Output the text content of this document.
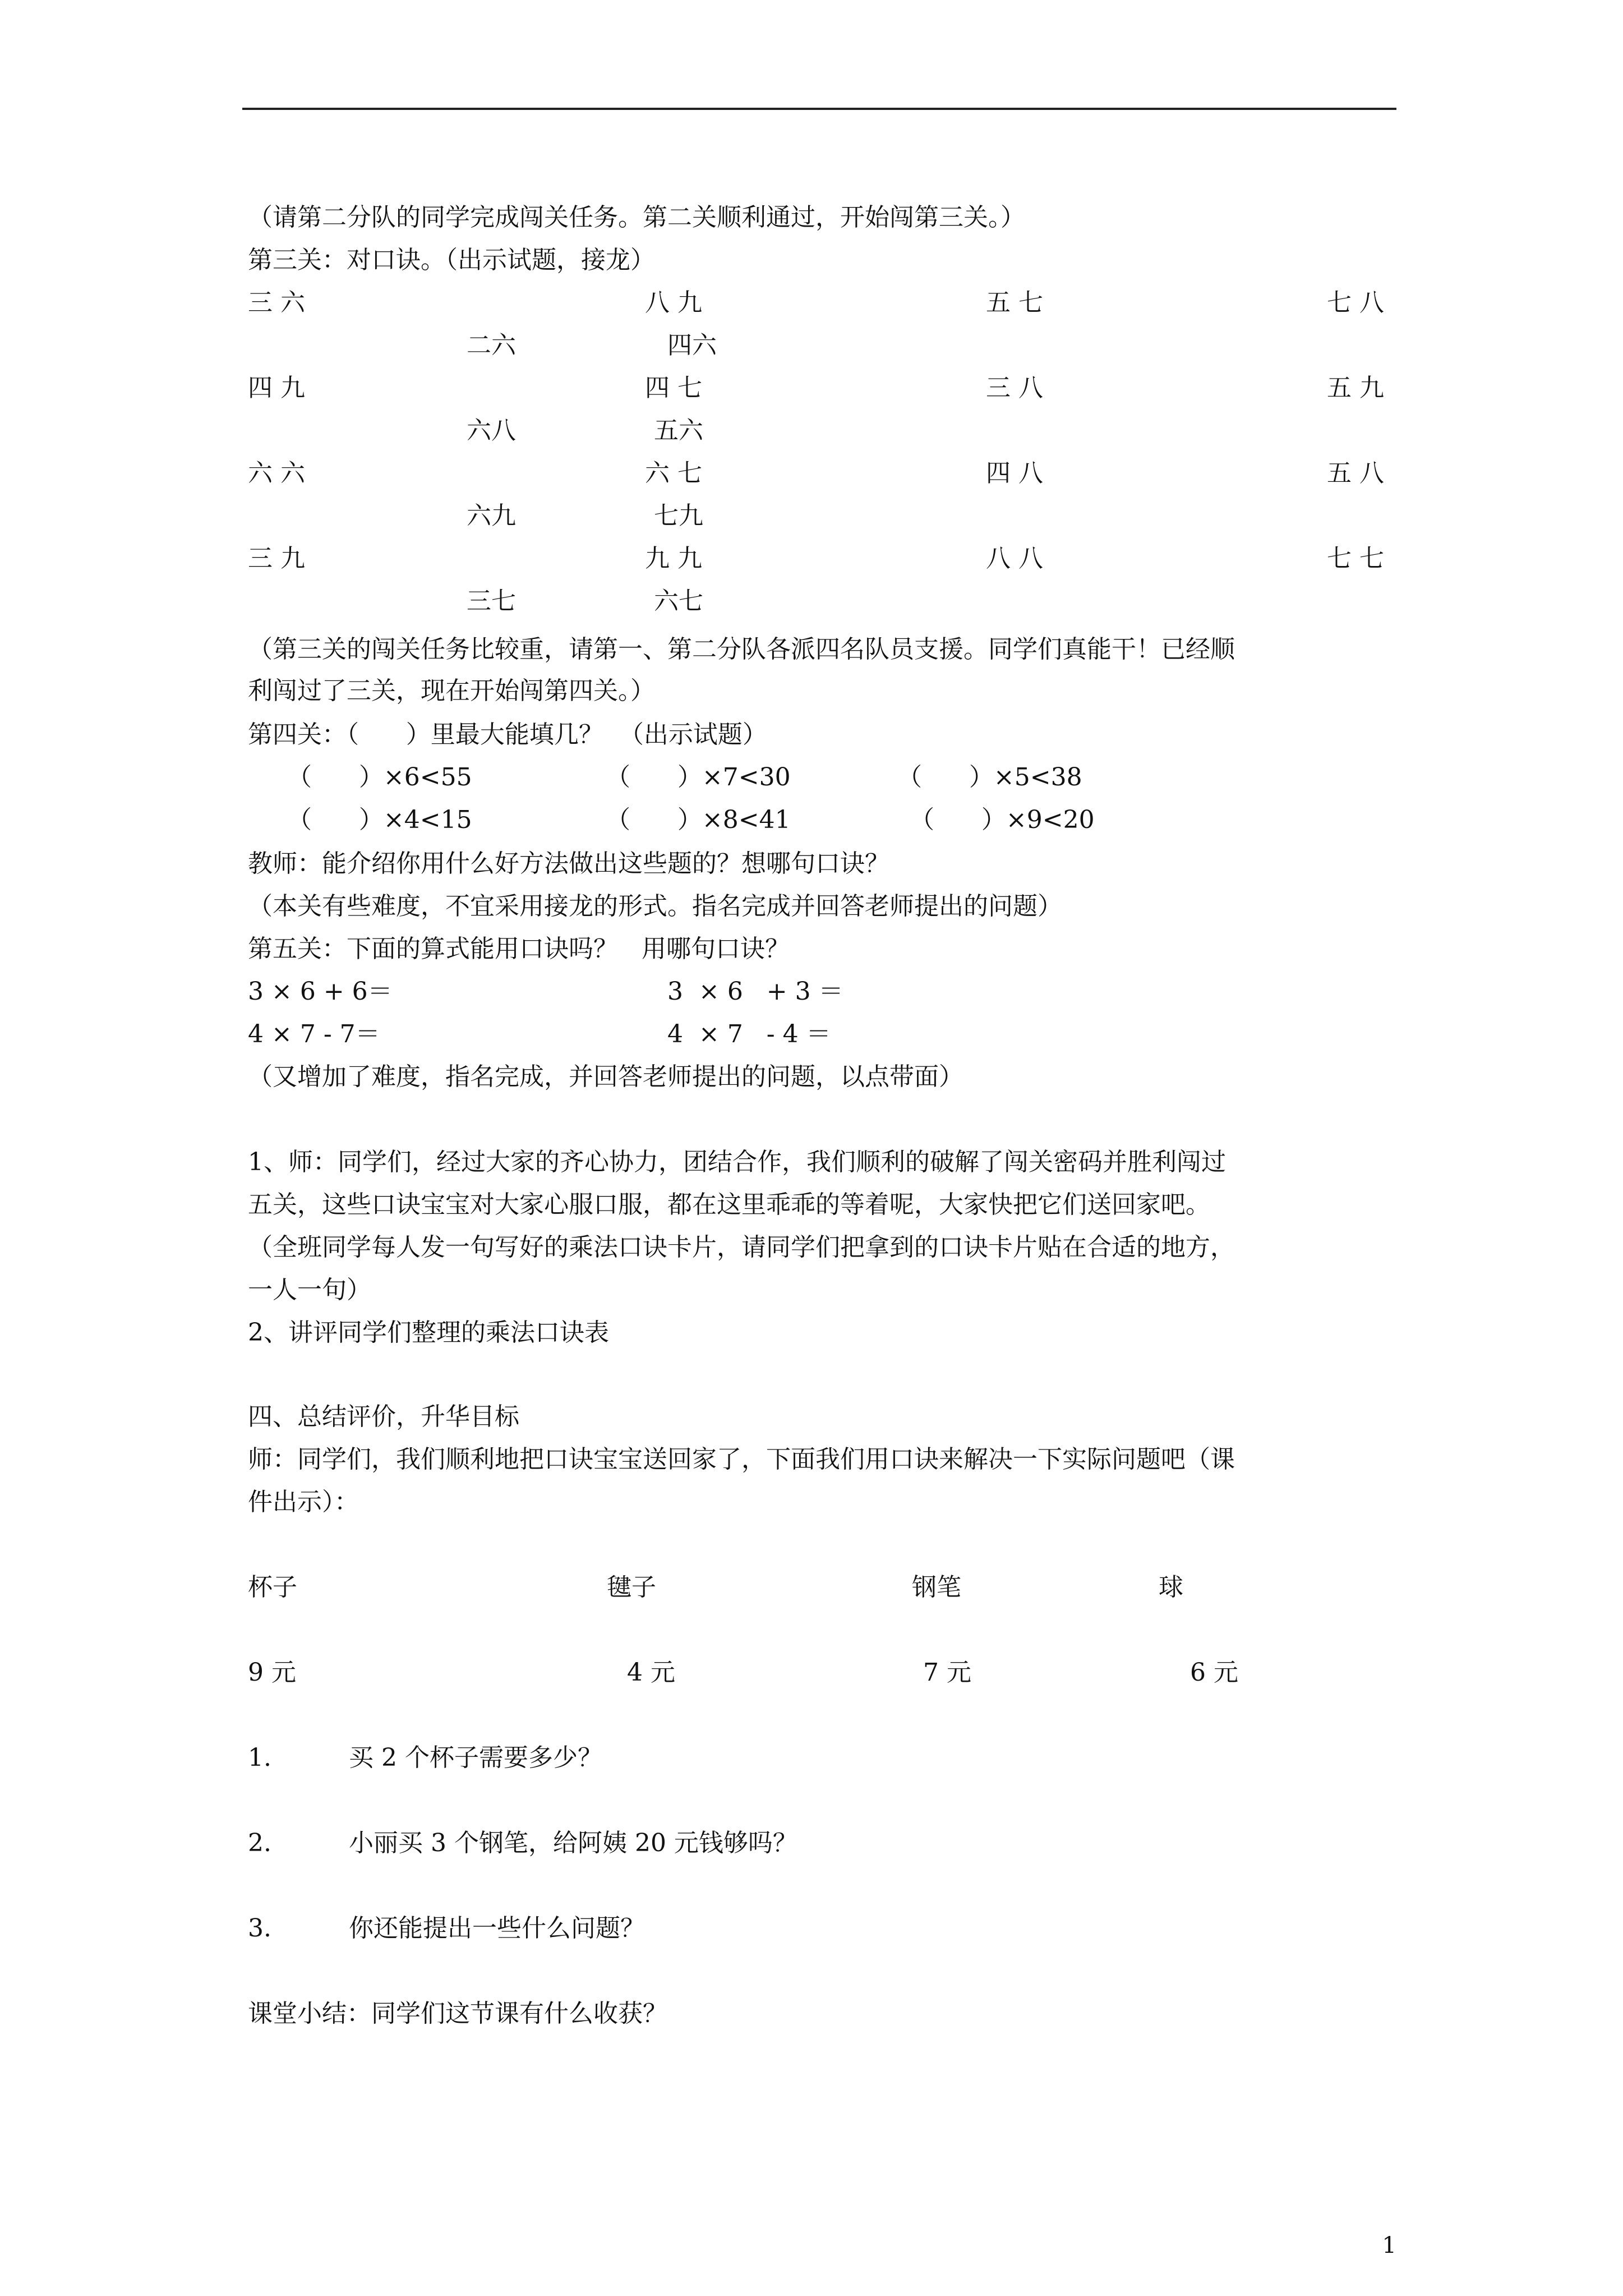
（请第二分队的同学完成闯关任务。第二关顺利通过，开始闯第三关。）
第三关：对口诀。（出示试题，接龙）
三 六	八 九	五 七	七 八
二六	四六
四 九	四 七	三 八	五 九
六八	五六
六 六	六 七	四 八	五 八
六九	七九
三 九	九 九	八 八	七 七
三七	六七
（第三关的闯关任务比较重，请第一、第二分队各派四名队员支援。同学们真能干！已经顺
利闯过了三关，现在开始闯第四关。）
第四关：（      ）里最大能填几？  （出示试题）
（      ）×6<55	（      ）×7<30	（      ）×5<38
（      ）×4<15	（      ）×8<41	（      ）×9<20
教师：能介绍你用什么好方法做出这些题的？想哪句口诀？
（本关有些难度，不宜采用接龙的形式。指名完成并回答老师提出的问题）
第五关：下面的算式能用口诀吗？   用哪句口诀？
3 × 6 + 6＝	3  × 6   + 3 ＝
4 × 7 - 7＝	4  × 7   - 4 ＝
（又增加了难度，指名完成，并回答老师提出的问题，以点带面）
1、师：同学们，经过大家的齐心协力，团结合作，我们顺利的破解了闯关密码并胜利闯过
五关，这些口诀宝宝对大家心服口服，都在这里乖乖的等着呢，大家快把它们送回家吧。
（全班同学每人发一句写好的乘法口诀卡片，请同学们把拿到的口诀卡片贴在合适的地方，
一人一句）
2、讲评同学们整理的乘法口诀表
四、总结评价，升华目标
师：同学们，我们顺利地把口诀宝宝送回家了，下面我们用口诀来解决一下实际问题吧（课
件出示）：
杯子	毽子	钢笔	球
9 元	4 元	7 元	6 元
1.	买 2 个杯子需要多少？
2.	小丽买 3 个钢笔，给阿姨 20 元钱够吗？
3.	你还能提出一些什么问题？
课堂小结：同学们这节课有什么收获？
1
